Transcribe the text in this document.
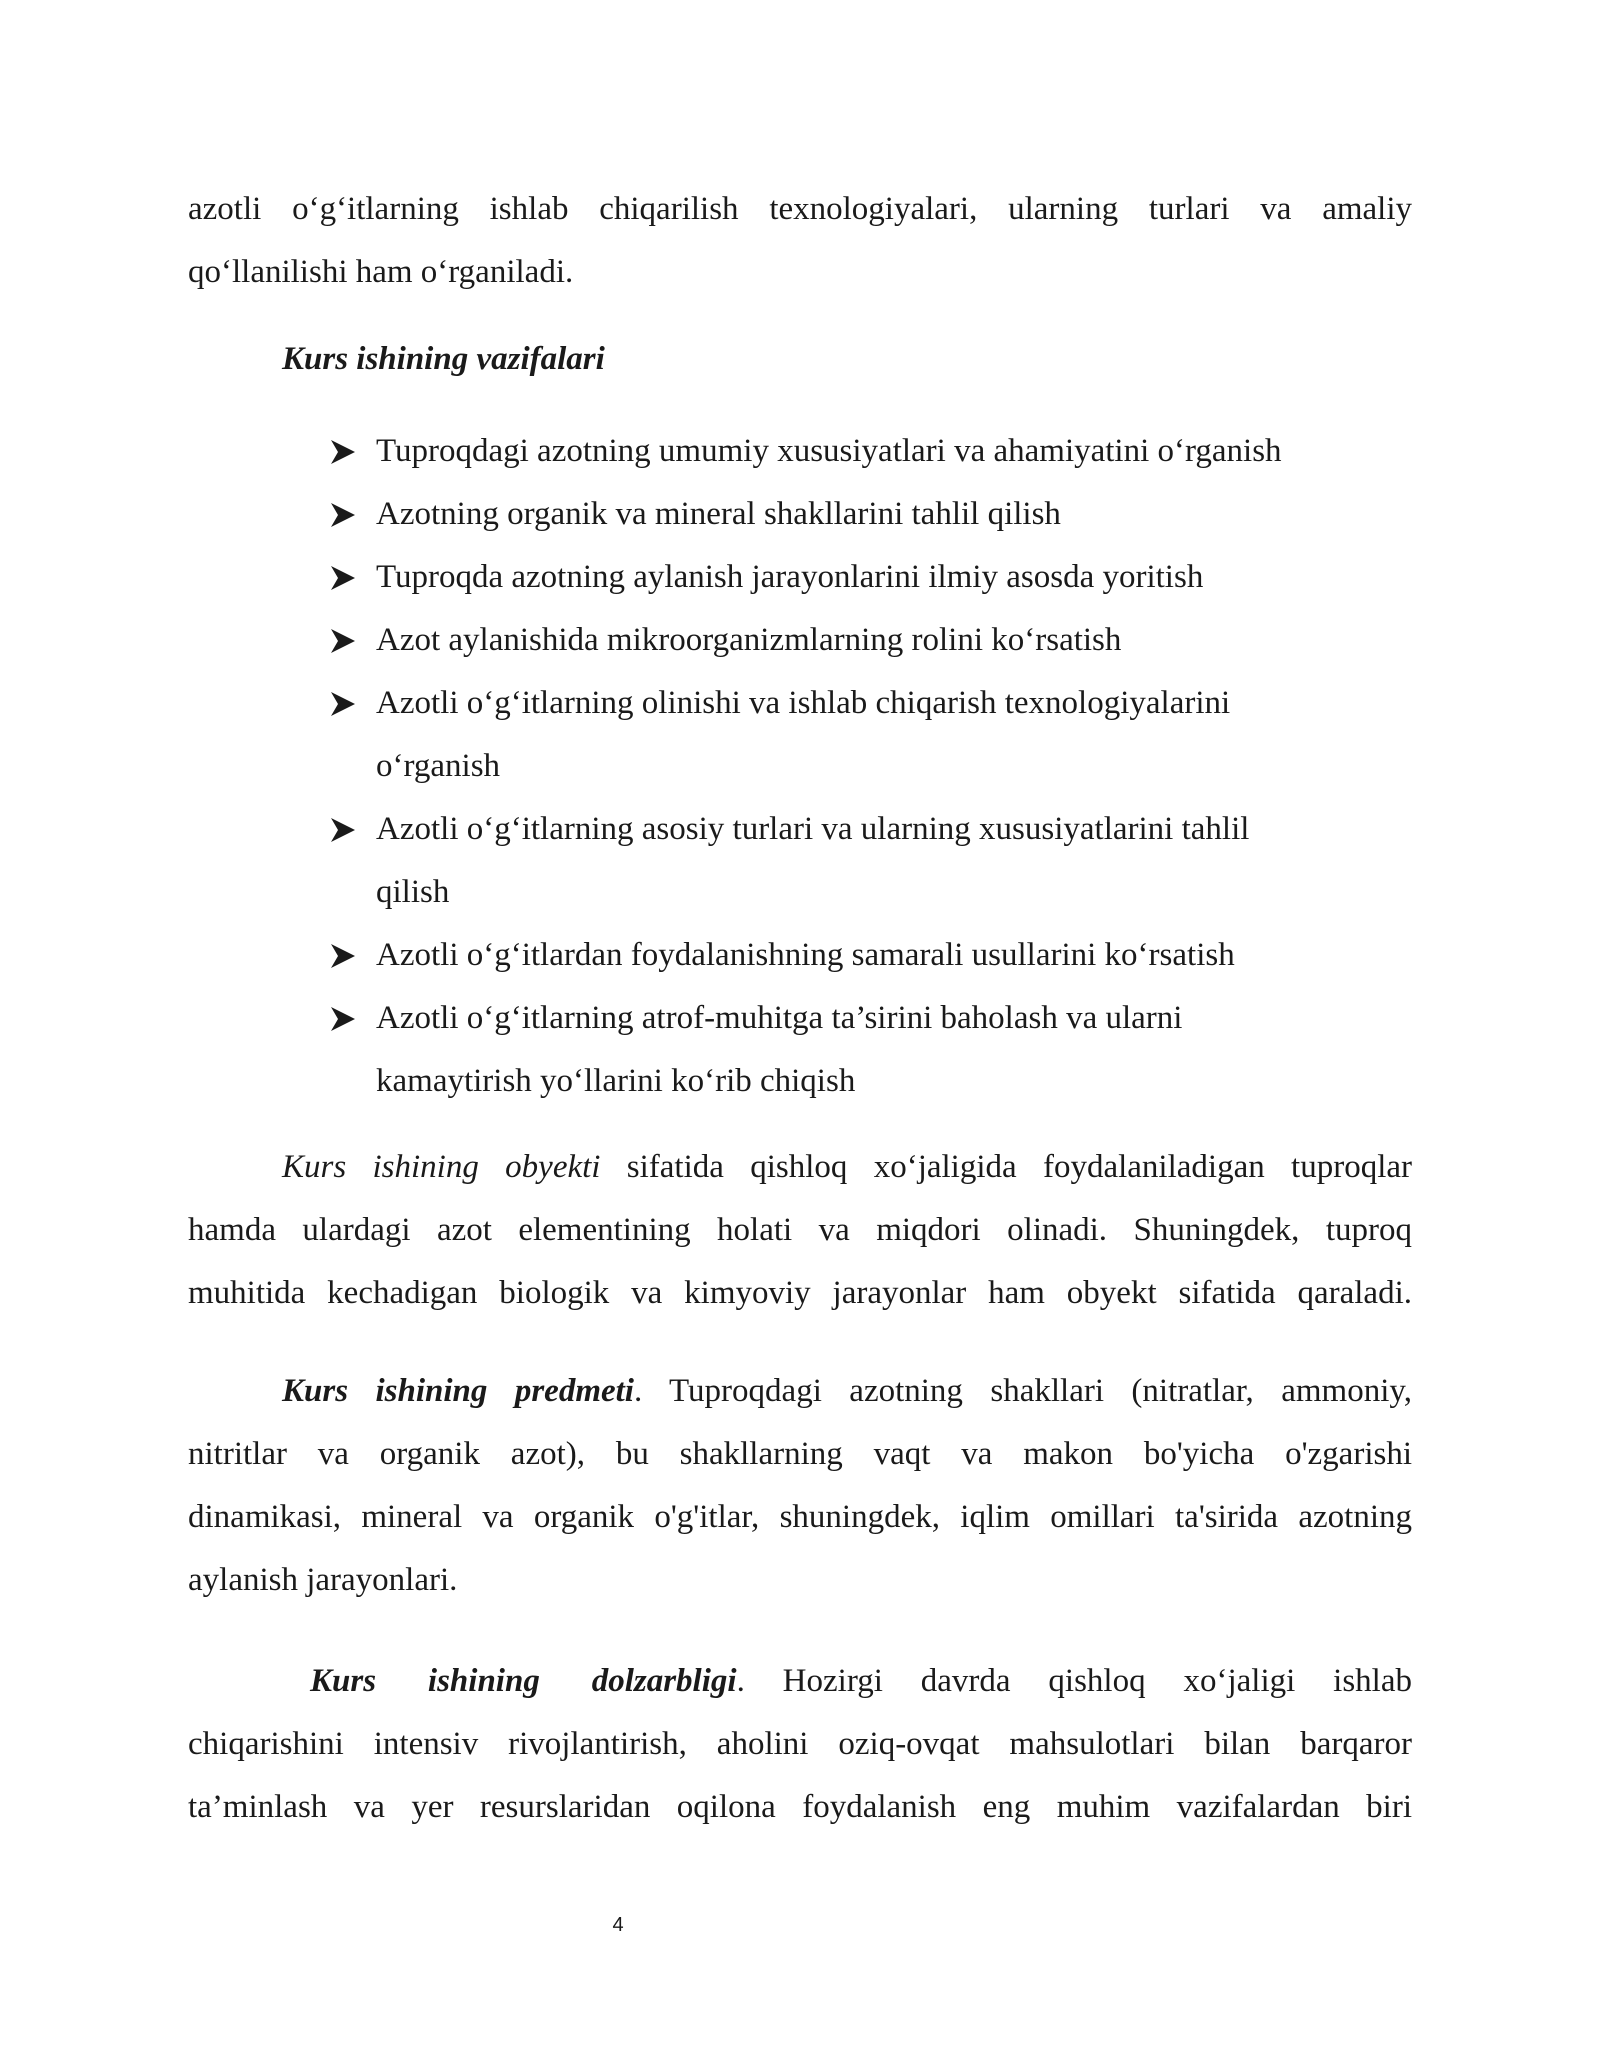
azotli o‘g‘itlarning ishlab chiqarilish texnologiyalari, ularning turlari va amaliy
qo‘llanilishi ham o‘rganiladi.
Kurs ishining vazifalari
Tuproqdagi azotning umumiy xususiyatlari va ahamiyatini o‘rganish
Azotning organik va mineral shakllarini tahlil qilish
Tuproqda azotning aylanish jarayonlarini ilmiy asosda yoritish
Azot aylanishida mikroorganizmlarning rolini ko‘rsatish
Azotli o‘g‘itlarning olinishi va ishlab chiqarish texnologiyalarini
o‘rganish
Azotli o‘g‘itlarning asosiy turlari va ularning xususiyatlarini tahlil
qilish
Azotli o‘g‘itlardan foydalanishning samarali usullarini ko‘rsatish
Azotli o‘g‘itlarning atrof-muhitga ta’sirini baholash va ularni
kamaytirish yo‘llarini ko‘rib chiqish
Kurs ishining obyekti sifatida qishloq xo‘jaligida foydalaniladigan tuproqlar
hamda ulardagi azot elementining holati va miqdori olinadi. Shuningdek, tuproq
muhitida kechadigan biologik va kimyoviy jarayonlar ham obyekt sifatida qaraladi.
Kurs ishining predmeti. Tuproqdagi azotning shakllari (nitratlar, ammoniy,
nitritlar va organik azot), bu shakllarning vaqt va makon bo'yicha o'zgarishi
dinamikasi, mineral va organik o'g'itlar, shuningdek, iqlim omillari ta'sirida azotning
aylanish jarayonlari.
Kurs ishining dolzarbligi. Hozirgi davrda qishloq xo‘jaligi ishlab
chiqarishini intensiv rivojlantirish, aholini oziq-ovqat mahsulotlari bilan barqaror
ta’minlash va yer resurslaridan oqilona foydalanish eng muhim vazifalardan biri
4
